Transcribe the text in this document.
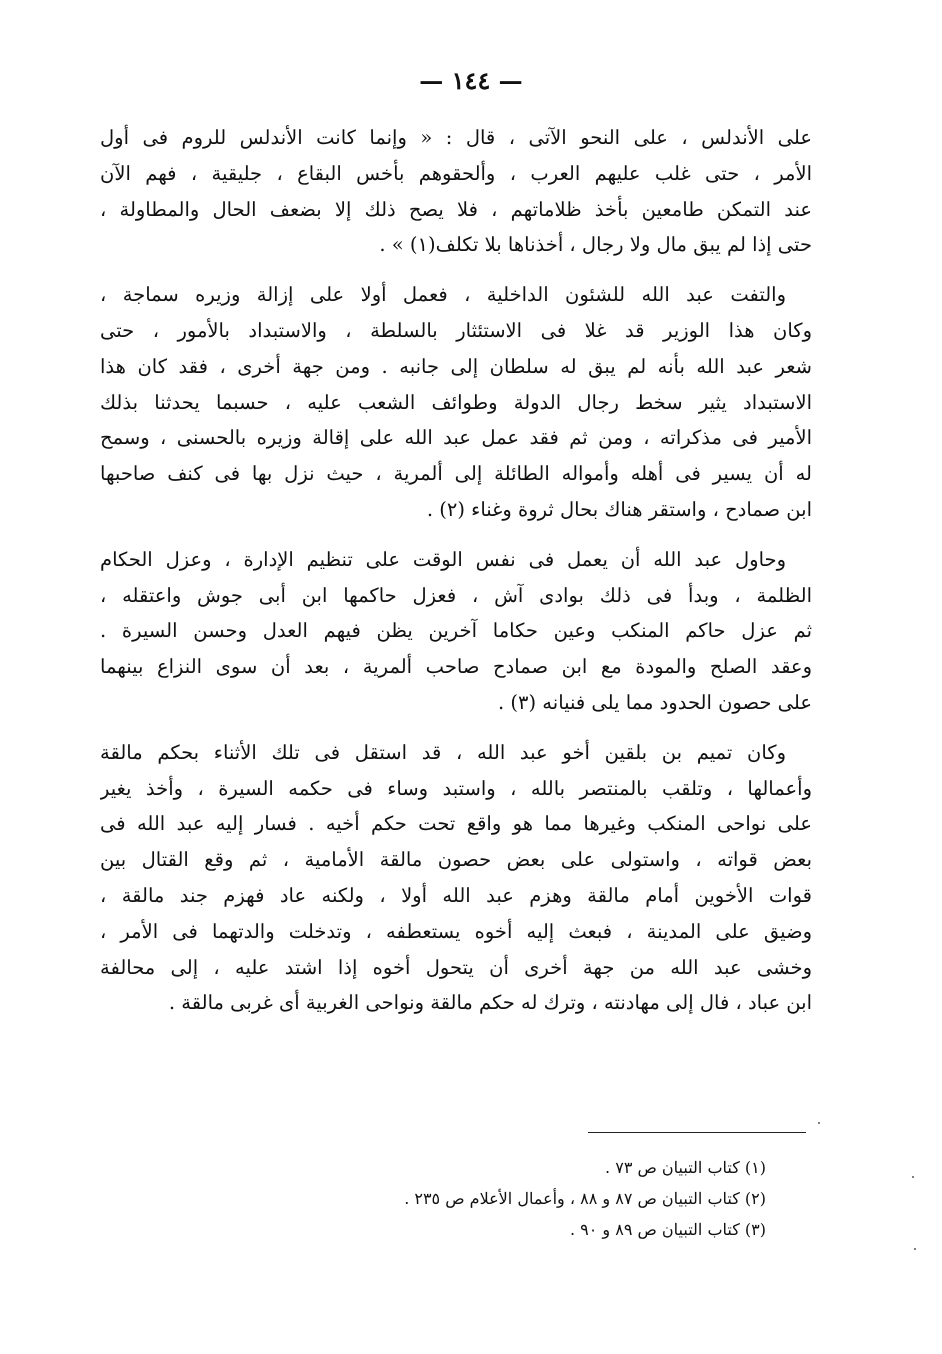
— ١٤٤ —
على الأندلس ، على النحو الآتى ، قال : « وإنما كانت الأندلس للروم فى أول
الأمر ، حتى غلب عليهم العرب ، وألحقوهم بأخس البقاع ، جليقية ، فهم الآن
عند التمكن طامعين بأخذ ظلاماتهم ، فلا يصح ذلك إلا بضعف الحال والمطاولة ،
حتى إذا لم يبق مال ولا رجال ، أخذناها بلا تكلف(١) » .
والتفت عبد الله للشئون الداخلية ، فعمل أولا على إزالة وزيره سماجة ،
وكان هذا الوزير قد غلا فى الاستئثار بالسلطة ، والاستبداد بالأمور ، حتى
شعر عبد الله بأنه لم يبق له سلطان إلى جانبه . ومن جهة أخرى ، فقد كان هذا
الاستبداد يثير سخط رجال الدولة وطوائف الشعب عليه ، حسبما يحدثنا بذلك
الأمير فى مذكراته ، ومن ثم فقد عمل عبد الله على إقالة وزيره بالحسنى ، وسمح
له أن يسير فى أهله وأمواله الطائلة إلى ألمرية ، حيث نزل بها فى كنف صاحبها
ابن صمادح ، واستقر هناك بحال ثروة وغناء (٢) .
وحاول عبد الله أن يعمل فى نفس الوقت على تنظيم الإدارة ، وعزل الحكام
الظلمة ، وبدأ فى ذلك بوادى آش ، فعزل حاكمها ابن أبى جوش واعتقله ،
ثم عزل حاكم المنكب وعين حكاما آخرين يظن فيهم العدل وحسن السيرة .
وعقد الصلح والمودة مع ابن صمادح صاحب ألمرية ، بعد أن سوى النزاع بينهما
على حصون الحدود مما يلى فنيانه (٣) .
وكان تميم بن بلقين أخو عبد الله ، قد استقل فى تلك الأثناء بحكم مالقة
وأعمالها ، وتلقب بالمنتصر بالله ، واستبد وساء فى حكمه السيرة ، وأخذ يغير
على نواحى المنكب وغيرها مما هو واقع تحت حكم أخيه . فسار إليه عبد الله فى
بعض قواته ، واستولى على بعض حصون مالقة الأمامية ، ثم وقع القتال بين
قوات الأخوين أمام مالقة وهزم عبد الله أولا ، ولكنه عاد فهزم جند مالقة ،
وضيق على المدينة ، فبعث إليه أخوه يستعطفه ، وتدخلت والدتهما فى الأمر ،
وخشى عبد الله من جهة أخرى أن يتحول أخوه إذا اشتد عليه ، إلى محالفة
ابن عباد ، فال إلى مهادنته ، وترك له حكم مالقة ونواحى الغربية أى غربى مالقة .
(١) كتاب التبيان ص ٧٣ .
(٢) كتاب التبيان ص ٨٧ و ٨٨ ، وأعمال الأعلام ص ٢٣٥ .
(٣) كتاب التبيان ص ٨٩ و ٩٠ .
